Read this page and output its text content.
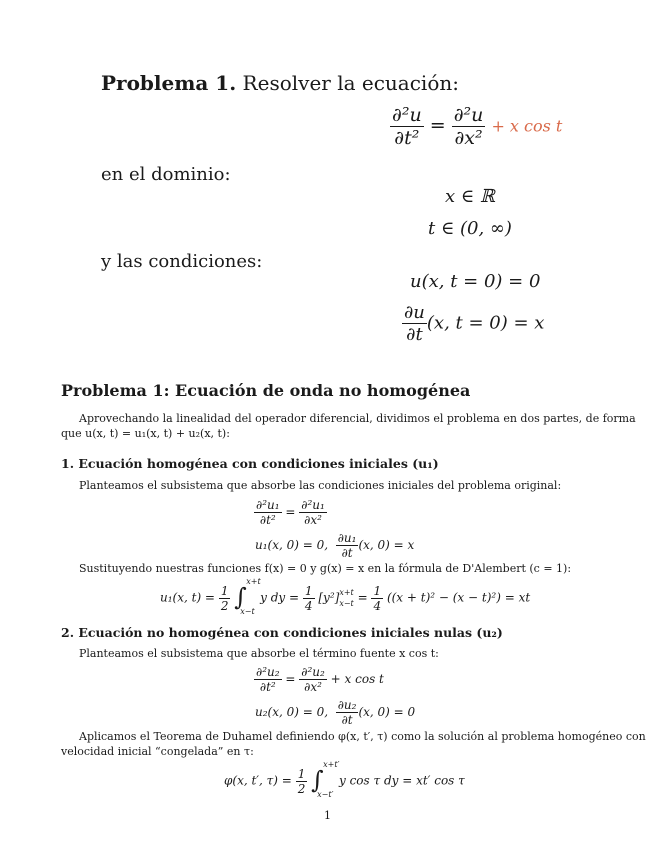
Problema 1. Resolver la ecuación:
$\frac{\text{∂²u}}{\text{∂t²}} = \frac{\text{∂²u}}{\text{∂x²}} + x$ cos t
en el dominio:
x ∈ ℝ
t ∈ (0, ∞)
y las condiciones:
u(x, t = 0) = 0
$\frac{\partial u}{\partial t} (x$, t = 0) = x
Problema 1: Ecuación de onda no homogénea
Aprovechando la linealidad del operador diferencial, dividimos el problema en dos partes, de forma
que u(x, t) = u₁(x, t) + u₂(x, t):
1. Ecuación homogénea con condiciones iniciales (u₁)
Planteamos el subsistema que absorbe las condiciones iniciales del problema original:
$\frac{\text{∂²u₁}}{\text{∂t²}} = \frac{\text{∂²u₁}}{\text{∂x²}}$
u₁(x, 0) = 0, $\frac{\text{∂u₁}}{\partial t} (x$, 0) = x
Sustituyendo nuestras funciones f(x) = 0 y g(x) = x en la fórmula de D'Alembert (c = 1):
u₁(x, $t) = \frac{1}{2}$
∫
x+t
x−t
y dy = $\frac{1}{4} [y^2]$ x+t
$x-t = \frac{1}{4} ((x + t)^2 - (x - t)^2)$ = xt
2. Ecuación no homogénea con condiciones iniciales nulas (u₂)
Planteamos el subsistema que absorbe el término fuente x cos t:
$\frac{\text{∂²u₂}}{\text{∂t²}} = \frac{\text{∂²u₂}}{\text{∂x²}} + x$ cos t
u₂(x, 0) = 0, $\frac{\text{∂u₂}}{\partial t} (x$, 0) = 0
Aplicamos el Teorema de Duhamel definiendo φ(x, t′, τ) como la solución al problema homogéneo con
velocidad inicial “congelada” en τ:
φ(x, t′, $\tau) = \frac{1}{2}$
∫
x+t′
x−t′
y cos τ dy = xt′ cos τ
1
